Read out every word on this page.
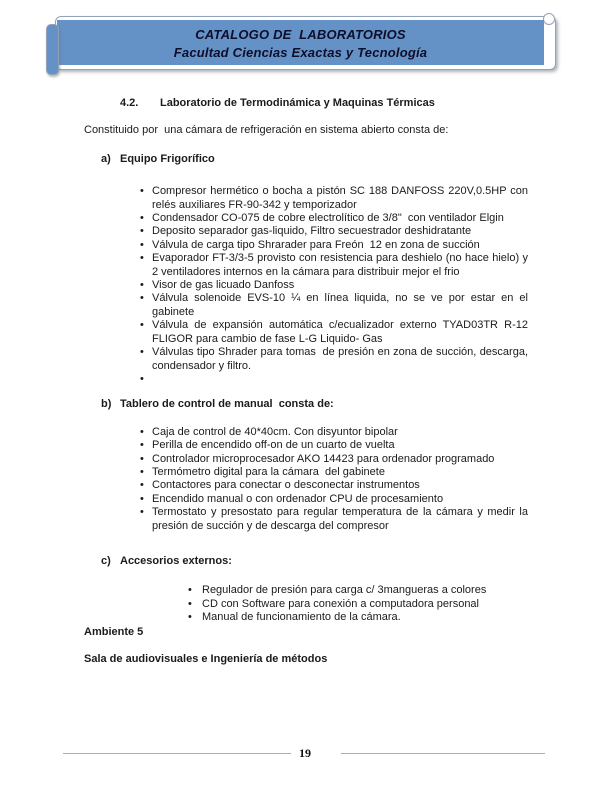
CATALOGO DE  LABORATORIOS
Facultad Ciencias Exactas y Tecnología
4.2. Laboratorio de Termodinámica y Maquinas Térmicas
Constituido por  una cámara de refrigeración en sistema abierto consta de:
a) Equipo Frigorífico
• Compresor hermético o bocha a pistón SC 188 DANFOSS 220V,0.5HP con relés auxiliares FR-90-342 y temporizador
• Condensador CO-075 de cobre electrolítico de 3/8"  con ventilador Elgin
• Deposito separador gas-liquido, Filtro secuestrador deshidratante
• Válvula de carga tipo Shrarader para Freón  12 en zona de succión
• Evaporador FT-3/3-5 provisto con resistencia para deshielo (no hace hielo) y 2 ventiladores internos en la cámara para distribuir mejor el frio
• Visor de gas licuado Danfoss
• Válvula solenoide EVS-10 ¼ en línea liquida, no se ve por estar en el gabinete
• Válvula de expansión automática c/ecualizador externo TYAD03TR R-12 FLIGOR para cambio de fase L-G Liquido- Gas
• Válvulas tipo Shrader para tomas  de presión en zona de succión, descarga, condensador y filtro.
•
b) Tablero de control de manual  consta de:
• Caja de control de 40*40cm. Con disyuntor bipolar
• Perilla de encendido off-on de un cuarto de vuelta
• Controlador microprocesador AKO 14423 para ordenador programado
• Termómetro digital para la cámara  del gabinete
• Contactores para conectar o desconectar instrumentos
• Encendido manual o con ordenador CPU de procesamiento
• Termostato y presostato para regular temperatura de la cámara y medir la presión de succión y de descarga del compresor
c) Accesorios externos:
• Regulador de presión para carga c/ 3mangueras a colores
• CD con Software para conexión a computadora personal
• Manual de funcionamiento de la cámara.
Ambiente 5
Sala de audiovisuales e Ingeniería de métodos
19
